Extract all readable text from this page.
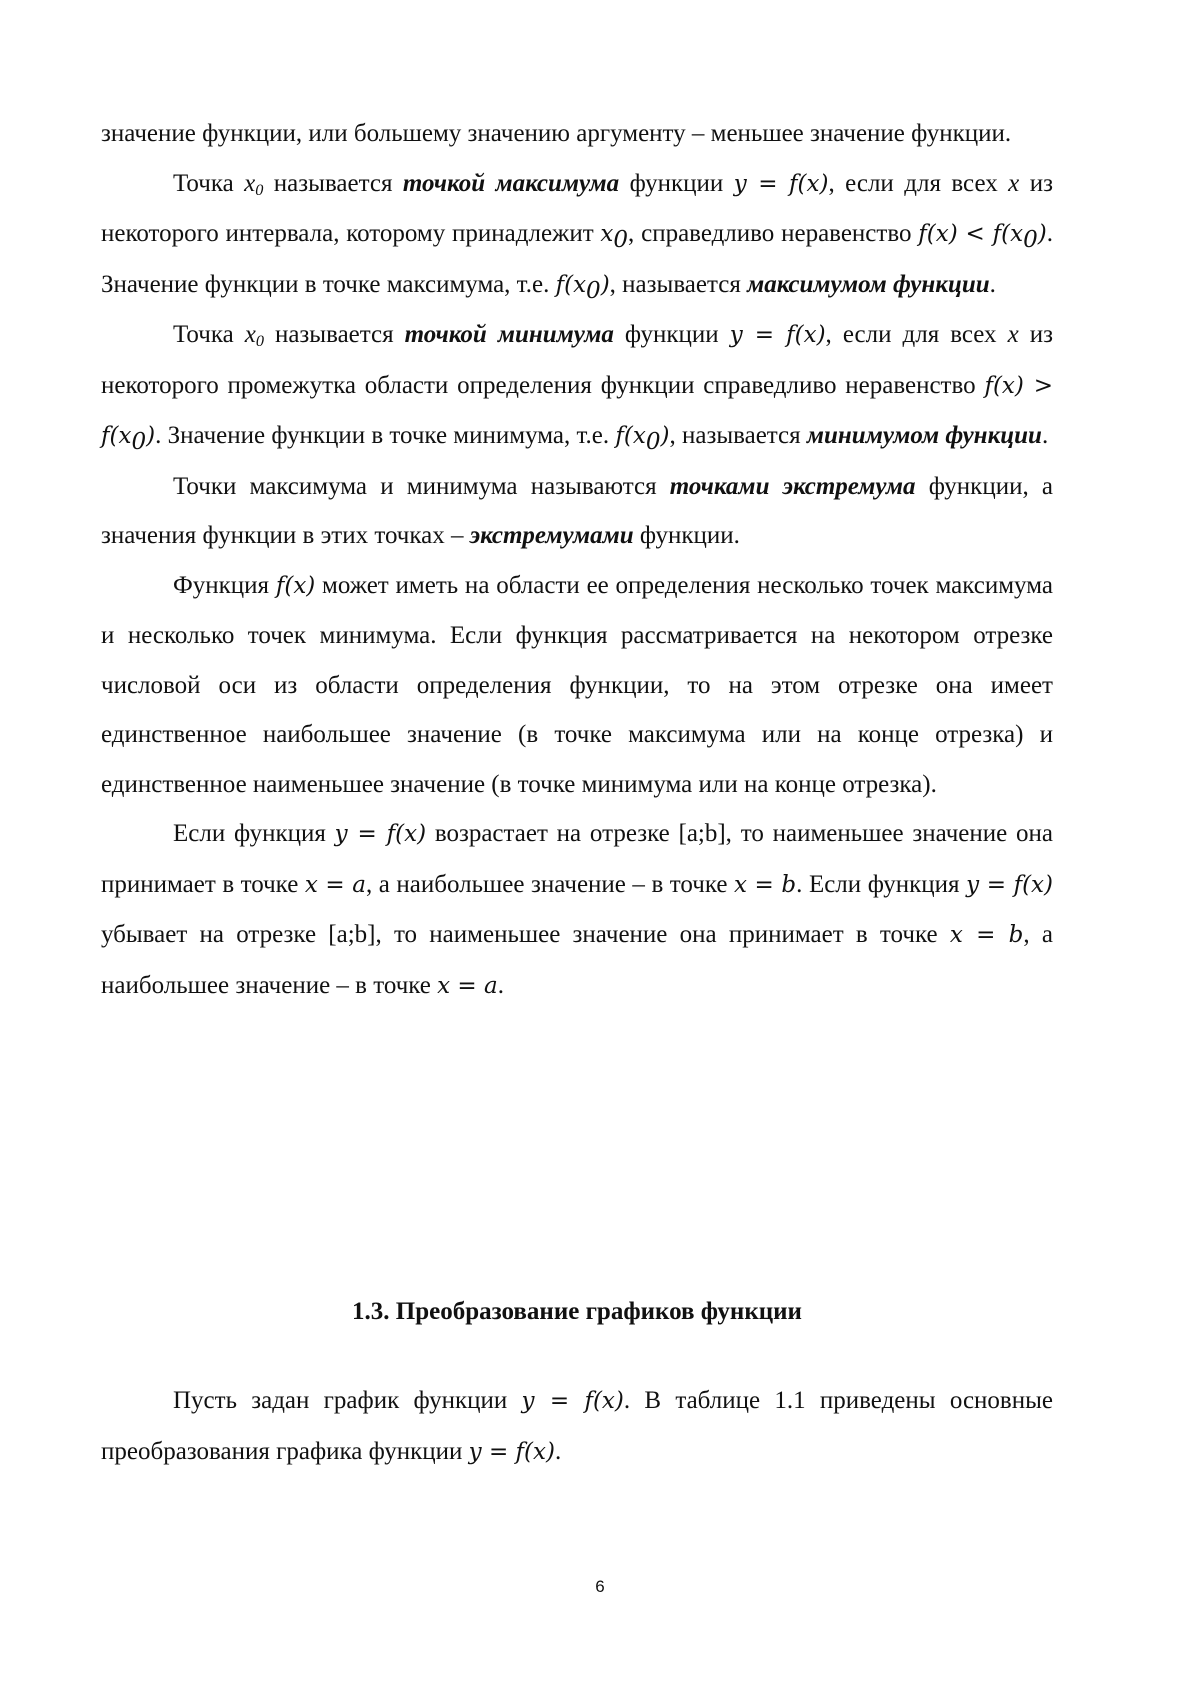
значение функции, или большему значению аргументу – меньшее значение функции.

Точка $x_0$ называется точкой максимума функции y = f(x), если для всех x из некоторого интервала, которому принадлежит $x_0$, справедливо неравенство $f(x) < f(x_0)$. Значение функции в точке максимума, т.е. $f(x_0)$, называется максимумом функции.

Точка $x_0$ называется точкой минимума функции y = f(x), если для всех x из некоторого промежутка области определения функции справедливо неравенство $f(x) > f(x_0)$. Значение функции в точке минимума, т.е. $f(x_0)$, называется минимумом функции.

Точки максимума и минимума называются точками экстремума функции, а значения функции в этих точках – экстремумами функции.

Функция f(x) может иметь на области ее определения несколько точек максимума и несколько точек минимума. Если функция рассматривается на некотором отрезке числовой оси из области определения функции, то на этом отрезке она имеет единственное наибольшее значение (в точке максимума или на конце отрезка) и единственное наименьшее значение (в точке минимума или на конце отрезка).

Если функция y = f(x) возрастает на отрезке [a;b], то наименьшее значение она принимает в точке x = a, а наибольшее значение – в точке x = b. Если функция y = f(x) убывает на отрезке [a;b], то наименьшее значение она принимает в точке x = b, а наибольшее значение – в точке x = a.

1.3. Преобразование графиков функции

Пусть задан график функции y = f(x). В таблице 1.1 приведены основные преобразования графика функции y = f(x).

6
